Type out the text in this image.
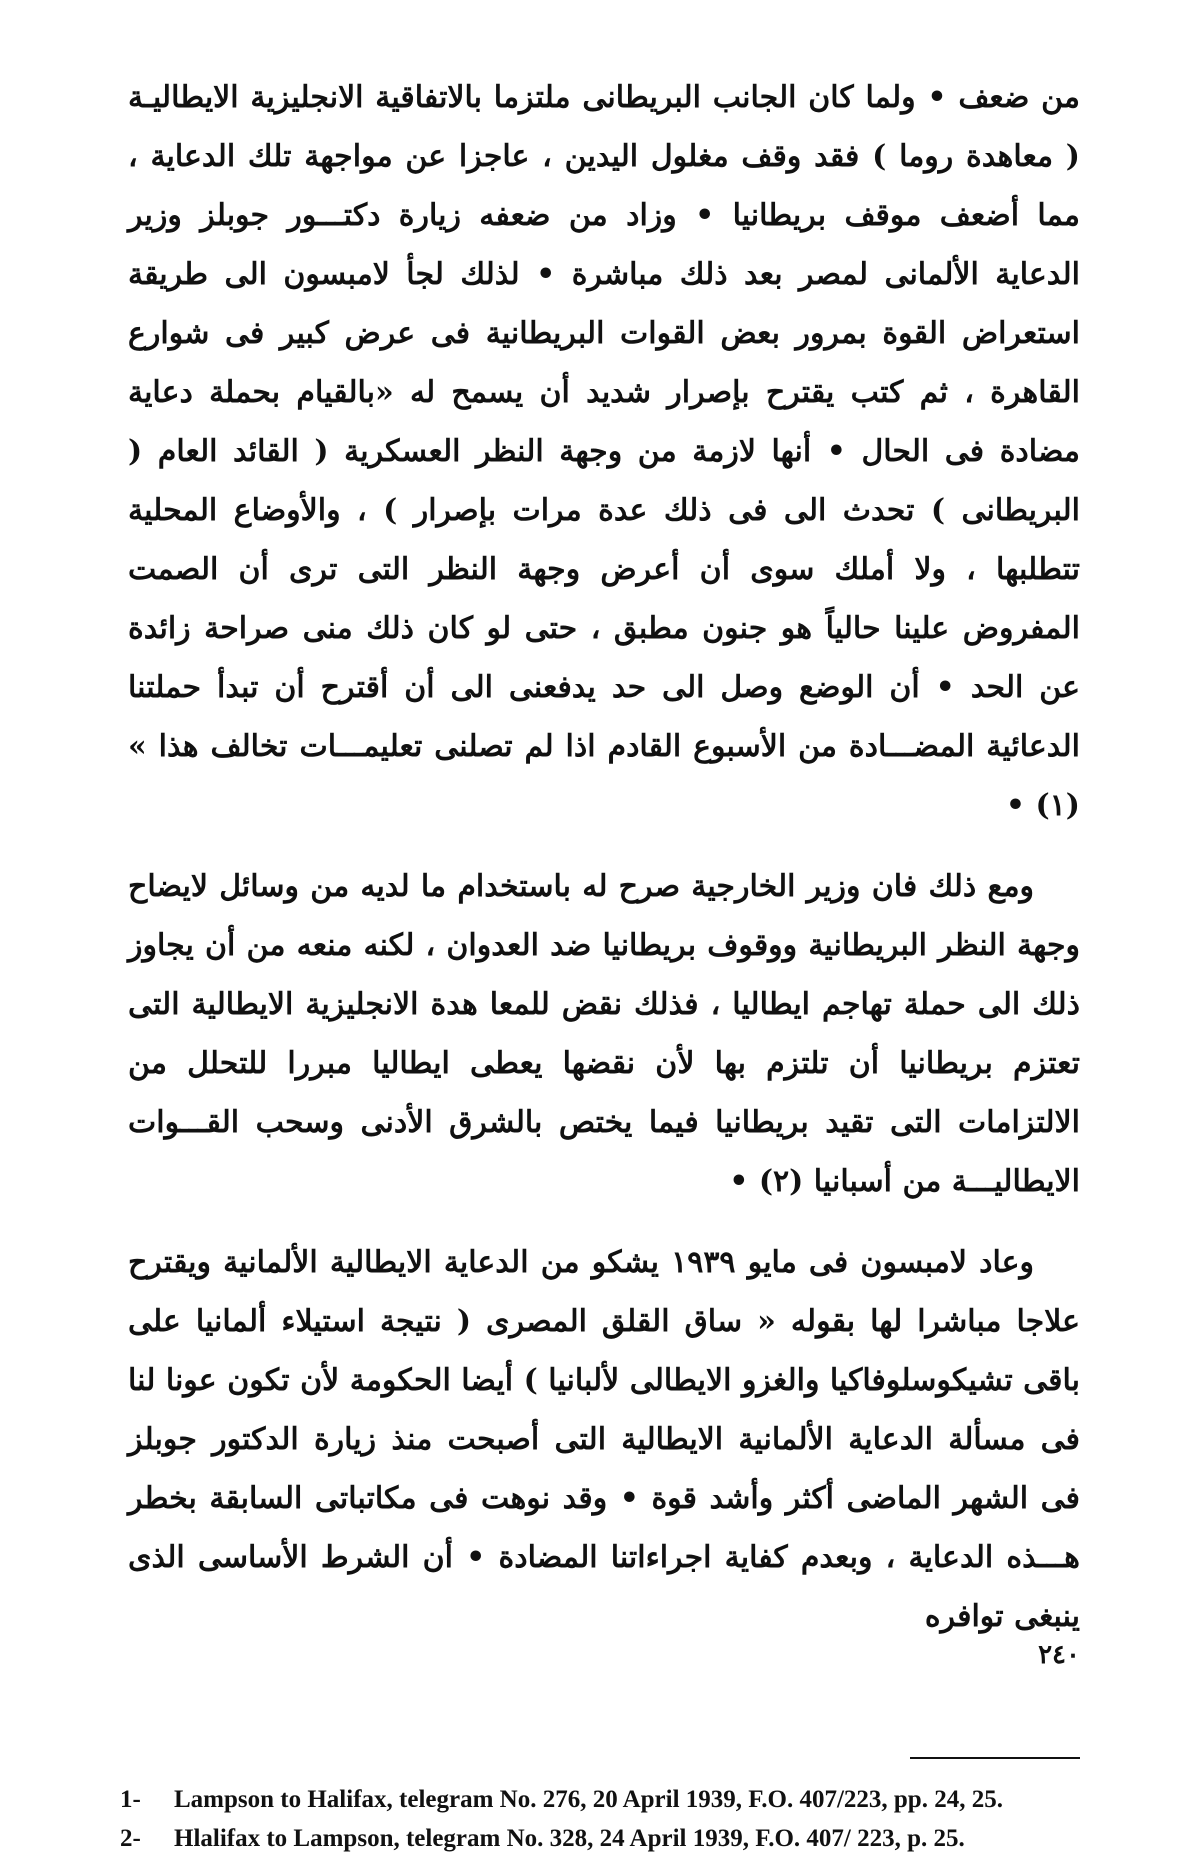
من ضعف • ولما كان الجانب البريطانى ملتزما بالاتفاقية الانجليزية الايطاليـة ( معاهدة روما ) فقد وقف مغلول اليدين ، عاجزا عن مواجهة تلك الدعاية ، مما أضعف موقف بريطانيا • وزاد من ضعفه زيارة دكتـــور جوبلز وزير الدعاية الألمانى لمصر بعد ذلك مباشرة • لذلك لجأ لامبسون الى طريقة استعراض القوة بمرور بعض القوات البريطانية فى عرض كبير فى شوارع القاهرة ، ثم كتب يقترح بإصرار شديد أن يسمح له «بالقيام بحملة دعاية مضادة فى الحال • أنها لازمة من وجهة النظر العسكرية ( القائد العام ( البريطانى ) تحدث الى فى ذلك عدة مرات بإصرار ) ، والأوضاع المحلية تتطلبها ، ولا أملك سوى أن أعرض وجهة النظر التى ترى أن الصمت المفروض علينا حالياً هو جنون مطبق ، حتى لو كان ذلك منى صراحة زائدة عن الحد • أن الوضع وصل الى حد يدفعنى الى أن أقترح أن تبدأ حملتنا الدعائية المضـــادة من الأسبوع القادم اذا لم تصلنى تعليمـــات تخالف هذا » (١) •

ومع ذلك فان وزير الخارجية صرح له باستخدام ما لديه من وسائل لايضاح وجهة النظر البريطانية ووقوف بريطانيا ضد العدوان ، لكنه منعه من أن يجاوز ذلك الى حملة تهاجم ايطاليا ، فذلك نقض للمعا هدة الانجليزية الايطالية التى تعتزم بريطانيا أن تلتزم بها لأن نقضها يعطى ايطاليا مبررا للتحلل من الالتزامات التى تقيد بريطانيا فيما يختص بالشرق الأدنى وسحب القـــوات الايطاليـــة من أسبانيا (٢) •

وعاد لامبسون فى مايو ١٩٣٩ يشكو من الدعاية الايطالية الألمانية ويقترح علاجا مباشرا لها بقوله « ساق القلق المصرى ( نتيجة استيلاء ألمانيا على باقى تشيكوسلوفاكيا والغزو الايطالى لألبانيا ) أيضا الحكومة لأن تكون عونا لنا فى مسألة الدعاية الألمانية الايطالية التى أصبحت منذ زيارة الدكتور جوبلز فى الشهر الماضى أكثر وأشد قوة • وقد نوهت فى مكاتباتى السابقة بخطر هـــذه الدعاية ، وبعدم كفاية اجراءاتنا المضادة • أن الشرط الأساسى الذى ينبغى توافره

1-	Lampson to Halifax, telegram No. 276, 20 April 1939, F.O. 407/223, pp. 24, 25.
2-	Hlalifax to Lampson, telegram No. 328, 24 April 1939, F.O. 407/ 223, p. 25.
٢٤٠
